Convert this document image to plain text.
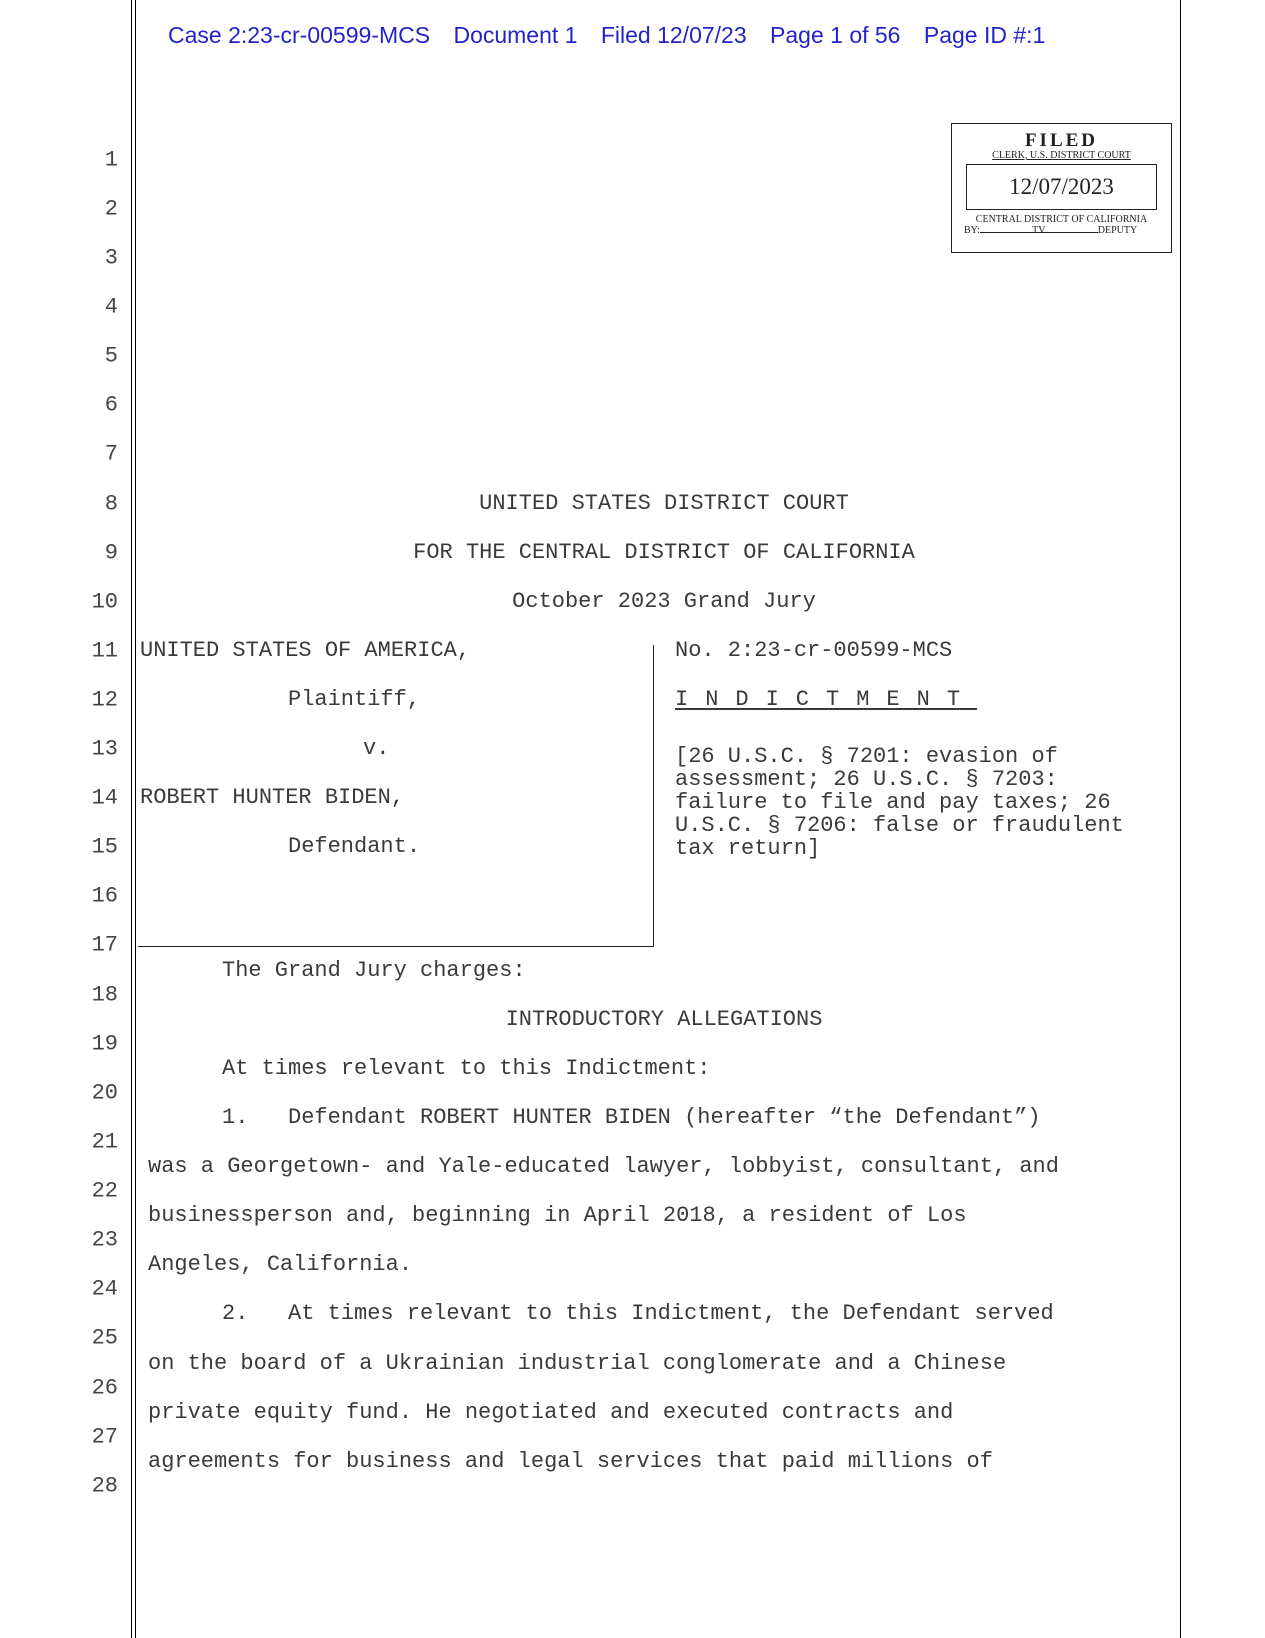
Case 2:23-cr-00599-MCS Document 1 Filed 12/07/23 Page 1 of 56 Page ID #:1
1
2
3
4
5
6
7
8
9
10
11
12
13
14
15
16
17
18
19
20
21
22
23
24
25
26
27
28
FILED
CLERK, U.S. DISTRICT COURT
12/07/2023
CENTRAL DISTRICT OF CALIFORNIA
BY:	TV	DEPUTY
UNITED STATES DISTRICT COURT
FOR THE CENTRAL DISTRICT OF CALIFORNIA
October 2023 Grand Jury
UNITED STATES OF AMERICA,
Plaintiff,
v.
ROBERT HUNTER BIDEN,
Defendant.
No. 2:23-cr-00599-MCS
INDICTMENT
[26 U.S.C. § 7201: evasion of
assessment; 26 U.S.C. § 7203:
failure to file and pay taxes; 26
U.S.C. § 7206: false or fraudulent
tax return]
The Grand Jury charges:
INTRODUCTORY ALLEGATIONS
At times relevant to this Indictment:
1.   Defendant ROBERT HUNTER BIDEN (hereafter “the Defendant”)
was a Georgetown- and Yale-educated lawyer, lobbyist, consultant, and
businessperson and, beginning in April 2018, a resident of Los
Angeles, California.
2.   At times relevant to this Indictment, the Defendant served
on the board of a Ukrainian industrial conglomerate and a Chinese
private equity fund. He negotiated and executed contracts and
agreements for business and legal services that paid millions of
